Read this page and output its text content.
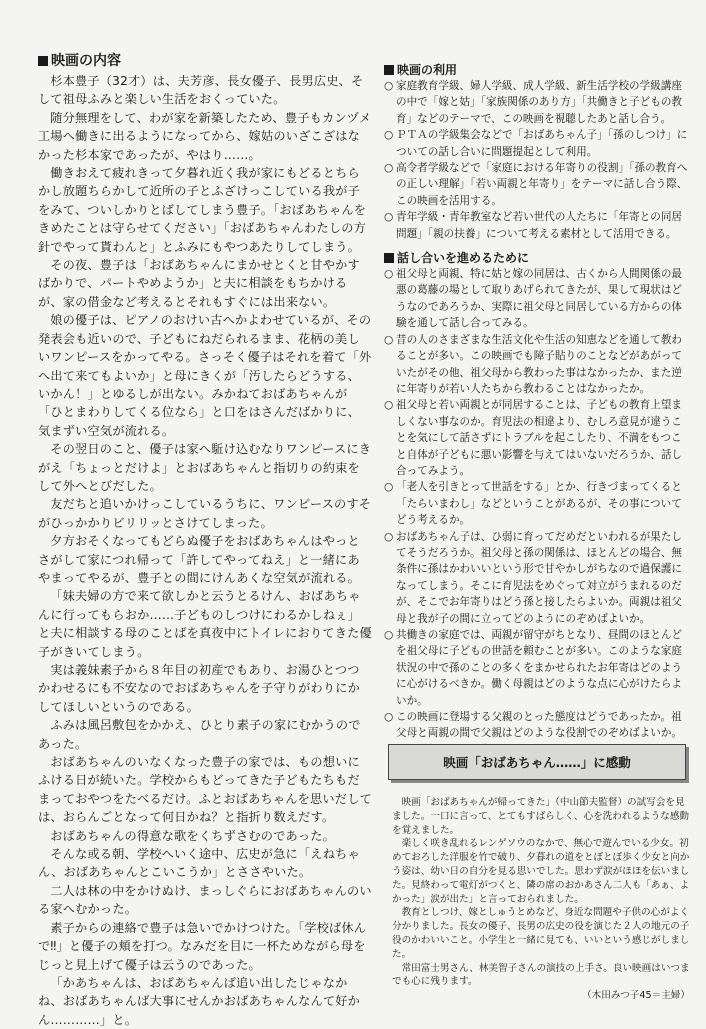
映画の内容

杉本豊子（32才）は、夫芳彦、長女優子、長男広史、そして祖母ふみと楽しい生活をおくっていた。

随分無理をして、わが家を新築したため、豊子もカンヅメ工場へ働きに出るようになってから、嫁姑のいざこざはなかった杉本家であったが、やはり……。

働きおえて疲れきって夕暮れ近く我が家にもどるとちらかし放題ちらかして近所の子とふざけっこしている我が子をみて、ついしかりとばしてしまう豊子。「おばあちゃんをきめたことは守らせてください」「おばあちゃんわたしの方針でやって貰わんと」とふみにもやつあたりしてしまう。

その夜、豊子は「おばあちゃんにまかせとくと甘やかすばかりで、パートやめようか」と夫に相談をもちかけるが、家の借金など考えるとそれもすぐには出来ない。

娘の優子は、ピアノのおけい古へかよわせているが、その発表会も近いので、子どもにねだられるまま、花柄の美しいワンピースをかってやる。さっそく優子はそれを着て「外へ出て来てもよいか」と母にきくが「汚したらどうする、いかん！」とゆるしが出ない。みかねておばあちゃんが「ひとまわりしてくる位なら」と口をはさんだばかりに、気まずい空気が流れる。

その翌日のこと、優子は家へ駈け込むなりワンピースにきがえ「ちょっとだけよ」とおばあちゃんと指切りの約束をして外へとびだした。

友だちと追いかけっこしているうちに、ワンピースのすそがひっかかりビリリッとさけてしまった。

夕方おそくなってもどらぬ優子をおばあちゃんはやっとさがして家につれ帰って「許してやってねえ」と一緒にあやまってやるが、豊子との間にけんあくな空気が流れる。

「妹夫婦の方で来て欲しかと云うとるけん、おばあちゃんに行ってもらおか……子どものしつけにわるかしねぇ」と夫に相談する母のことばを真夜中にトイレにおりてきた優子がきいてしまう。

実は義妹素子から８年目の初産でもあり、お湯ひとつつかわせるにも不安なのでおばあちゃんを子守りがわりにかしてほしいというのである。

ふみは風呂敷包をかかえ、ひとり素子の家にむかうのであった。

おばあちゃんのいなくなった豊子の家では、もの想いにふける日が続いた。学校からもどってきた子どもたちもだまっておやつをたべるだけ。ふとおばあちゃんを思いだしては、おらんごとなって何日かね？と指折り数えだす。

おばあちゃんの得意な歌をくちずさむのであった。

そんな或る朝、学校へいく途中、広史が急に「えねちゃん、おばあちゃんとこいこうか」とささやいた。

二人は林の中をかけぬけ、まっしぐらにおばあちゃんのいる家へむかった。

素子からの連絡で豊子は急いでかけつけた。「学校ば休んで‼」と優子の頬を打つ。なみだを目に一杯ためながら母をじっと見上げて優子は云うのであった。

「かあちゃんは、おばあちゃんば追い出したじゃなかね、おばあちゃんば大事にせんかおばあちゃんなんて好かん…………」と。

映画の利用
○ 家庭教育学級、婦人学級、成人学級、新生活学校の学級講座の中で「嫁と姑」「家族関係のあり方」「共働きと子どもの教育」などのテーマで、この映画を視聴したあと話し合う。
○ ＰＴＡの学級集会などで「おばあちゃん子」「孫のしつけ」についての話し合いに問題提起として利用。
○ 高令者学級などで「家庭における年寄りの役割」「孫の教育への正しい理解」「若い両親と年寄り」をテーマに話し合う際、この映画を活用する。
○ 青年学級・青年教室など若い世代の人たちに「年寄との同居問題」「親の扶養」について考える素材として活用できる。
話し合いを進めるために
○ 祖父母と両親、特に姑と嫁の同居は、古くから人間関係の最悪の葛藤の場として取りあげられてきたが、果して現状はどうなのであろうか、実際に祖父母と同居している方からの体験を通して話し合ってみる。
○ 昔の人のさまざまな生活文化や生活の知恵などを通して教わることが多い。この映画でも障子貼りのことなどがあがっていたがその他、祖父母から教わった事はなかったか、また逆に年寄りが若い人たちから教わることはなかったか。
○ 祖父母と若い両親とが同居することは、子どもの教育上望ましくない事なのか。育児法の相違より、むしろ意見が違うことを気にして話さずにトラブルを起こしたり、不満をもつこと自体が子どもに悪い影響を与えてはいないだろうか、話し合ってみよう。
○ 「老人を引きとって世話をする」とか、行きづまってくると「たらいまわし」などということがあるが、その事についてどう考えるか。
○ おばあちゃん子は、ひ弱に育ってだめだといわれるが果たしてそうだろうか。祖父母と孫の関係は、ほとんどの場合、無条件に孫はかわいいという形で甘やかしがちなので過保護になってしまう。そこに育児法をめぐって対立がうまれるのだが、そこでお年寄りはどう孫と接したらよいか。両親は祖父母と我が子の間に立ってどのようにのぞめばよいか。
○ 共働きの家庭では、両親が留守がちとなり、昼間のほとんどを祖父母に子どもの世話を頼むことが多い。このような家庭状況の中で孫のことの多くをまかせられたお年寄はどのように心がけるべきか。働く母親はどのような点に心がけたらよいか。
○ この映画に登場する父親のとった態度はどうであったか。祖父母と両親の間で父親はどのような役割でのぞめばよいか。
映画「おばあちゃん……」に感動

映画「おばあちゃんが帰ってきた」（中山節夫監督）の試写会を見ました。一口に言って、とてもすばらしく、心を洗われるような感動を覚えました。

楽しく咲き乱れるレンゲソウのなかで、無心で遊んでいる少女。初めておろした洋服を竹で破り、夕暮れの道をとぼとぼ歩く少女と向かう姿は、幼い日の自分を見る思いでした。思わず涙がほほを伝いました。見終わって電灯がつくと、隣の席のおかあさん二人も「あぁ、よかった」涙が出た」と言っておられました。

教育としつけ、嫁としゅうとめなど、身近な問題や子供の心がよく分かりました。長女の優子、長男の広史の役を演じた２人の地元の子役のかわいいこと。小学生と一緒に見ても、いいという感じがしました。

常田富士男さん、林美智子さんの演技の上手さ。良い映画はいつまでも心に残ります。

（木田みつ子45＝主婦）
